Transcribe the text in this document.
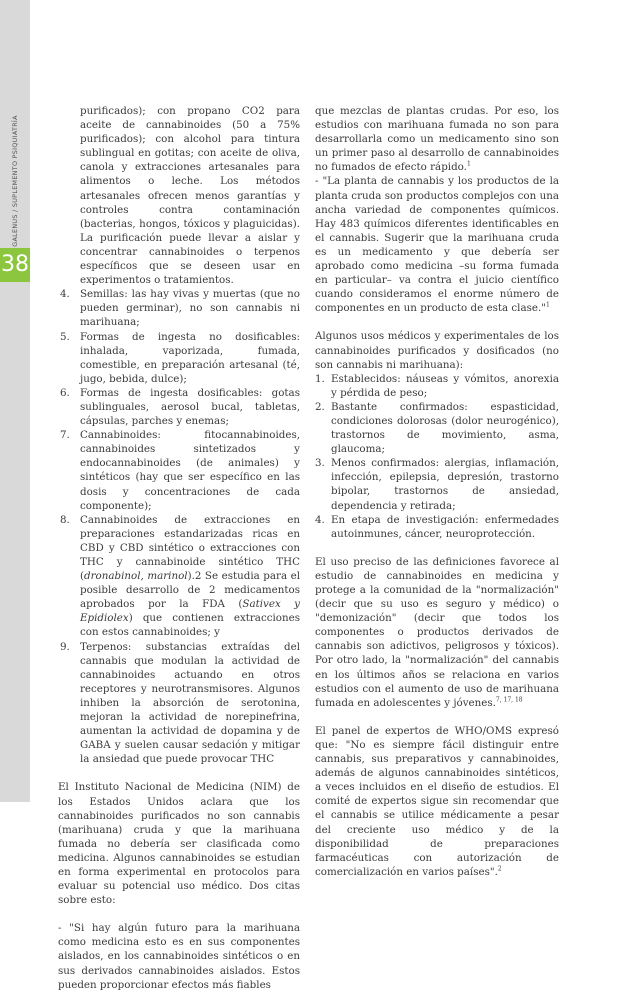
GALENUS / SUPLEMENTO PSIQUIATRÍA
38

purificados); con propano CO2 para aceite de cannabinoides (50 a 75% purificados); con alcohol para tintura sublingual en gotitas; con aceite de oliva, canola y extracciones artesanales para alimentos o leche. Los métodos artesanales ofrecen menos garantías y controles contra contaminación (bacterias, hongos, tóxicos y plaguicidas). La purificación puede llevar a aislar y concentrar cannabinoides o terpenos específicos que se deseen usar en experimentos o tratamientos.

4. Semillas: las hay vivas y muertas (que no pueden germinar), no son cannabis ni marihuana;
5. Formas de ingesta no dosificables: inhalada, vaporizada, fumada, comestible, en preparación artesanal (té, jugo, bebida, dulce);
6. Formas de ingesta dosificables: gotas sublinguales, aerosol bucal, tabletas, cápsulas, parches y enemas;
7. Cannabinoides: fitocannabinoides, cannabinoides sintetizados y endocannabinoides (de animales) y sintéticos (hay que ser específico en las dosis y concentraciones de cada componente);
8. Cannabinoides de extracciones en preparaciones estandarizadas ricas en CBD y CBD sintético o extracciones con THC y cannabinoide sintético THC (dronabinol, marinol).2 Se estudia para el posible desarrollo de 2 medicamentos aprobados por la FDA (Sativex y Epidiolex) que contienen extracciones con estos cannabinoides; y
9. Terpenos: substancias extraídas del cannabis que modulan la actividad de cannabinoides actuando en otros receptores y neurotransmisores. Algunos inhiben la absorción de serotonina, mejoran la actividad de norepinefrina, aumentan la actividad de dopamina y de GABA y suelen causar sedación y mitigar la ansiedad que puede provocar THC

El Instituto Nacional de Medicina (NIM) de los Estados Unidos aclara que los cannabinoides purificados no son cannabis (marihuana) cruda y que la marihuana fumada no debería ser clasificada como medicina. Algunos cannabinoides se estudian en forma experimental en protocolos para evaluar su potencial uso médico. Dos citas sobre esto:

- "Si hay algún futuro para la marihuana como medicina esto es en sus componentes aislados, en los cannabinoides sintéticos o en sus derivados cannabinoides aislados. Estos pueden proporcionar efectos más fiables

que mezclas de plantas crudas. Por eso, los estudios con marihuana fumada no son para desarrollarla como un medicamento sino son un primer paso al desarrollo de cannabinoides no fumados de efecto rápido.$^1$

- "La planta de cannabis y los productos de la planta cruda son productos complejos con una ancha variedad de componentes químicos. Hay 483 químicos diferentes identificables en el cannabis. Sugerir que la marihuana cruda es un medicamento y que debería ser aprobado como medicina –su forma fumada en particular– va contra el juicio científico cuando consideramos el enorme número de componentes en un producto de esta clase."$^1$

Algunos usos médicos y experimentales de los cannabinoides purificados y dosificados (no son cannabis ni marihuana):

1. Establecidos: náuseas y vómitos, anorexia y pérdida de peso;
2. Bastante confirmados: espasticidad, condiciones dolorosas (dolor neurogénico), trastornos de movimiento, asma, glaucoma;
3. Menos confirmados: alergias, inflamación, infección, epilepsia, depresión, trastorno bipolar, trastornos de ansiedad, dependencia y retirada;
4. En etapa de investigación: enfermedades autoinmunes, cáncer, neuroprotección.

El uso preciso de las definiciones favorece al estudio de cannabinoides en medicina y protege a la comunidad de la "normalización" (decir que su uso es seguro y médico) o "demonización" (decir que todos los componentes o productos derivados de cannabis son adictivos, peligrosos y tóxicos). Por otro lado, la "normalización" del cannabis en los últimos años se relaciona en varios estudios con el aumento de uso de marihuana fumada en adolescentes y jóvenes.$^{7, 17, 18}$

El panel de expertos de WHO/OMS expresó que: "No es siempre fácil distinguir entre cannabis, sus preparativos y cannabinoides, además de algunos cannabinoides sintéticos, a veces incluidos en el diseño de estudios. El comité de expertos sigue sin recomendar que el cannabis se utilice médicamente a pesar del creciente uso médico y de la disponibilidad de preparaciones farmacéuticas con autorización de comercialización en varios países".$^2$
